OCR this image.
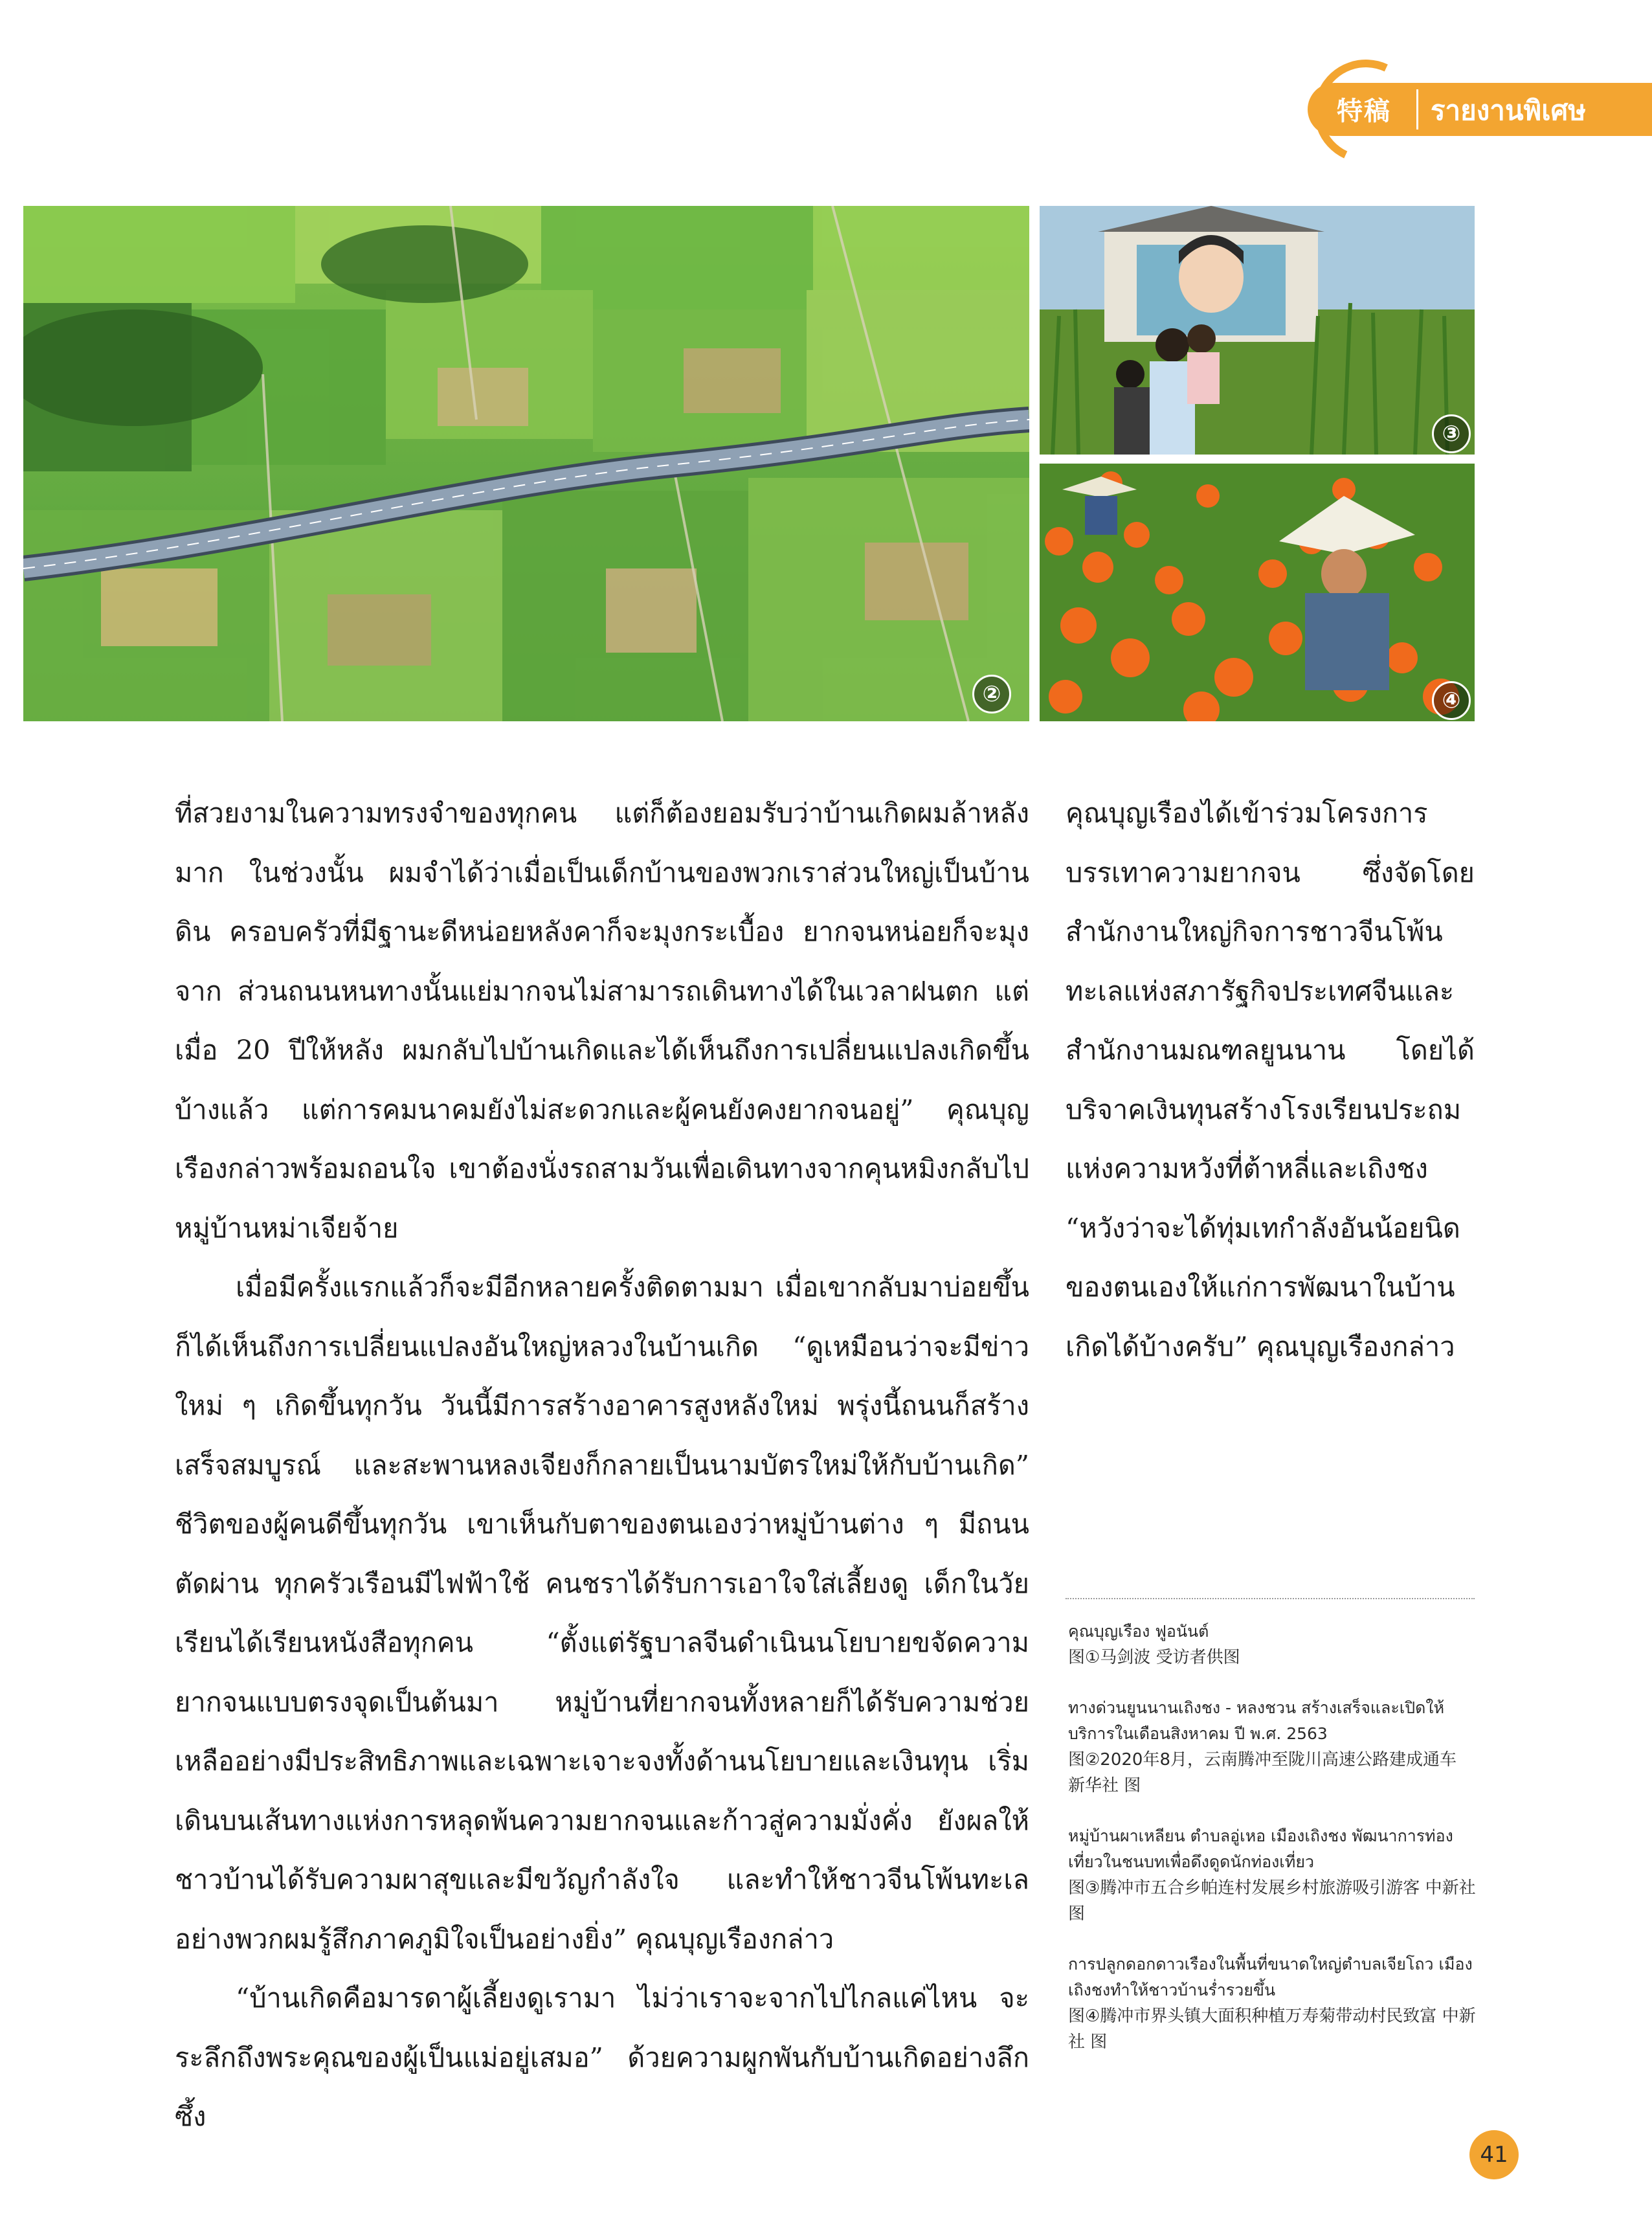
特稿 รายงานพิเศษ
②
③
④

ที่สวยงามในความทรงจำของทุกคน แต่ก็ต้องยอมรับว่าบ้านเกิดผมล้าหลังมาก ในช่วงนั้น ผมจำได้ว่าเมื่อเป็นเด็กบ้านของพวกเราส่วนใหญ่เป็นบ้านดิน ครอบครัวที่มีฐานะดีหน่อยหลังคาก็จะมุงกระเบื้อง ยากจนหน่อยก็จะมุงจาก ส่วนถนนหนทางนั้นแย่มากจนไม่สามารถเดินทางได้ในเวลาฝนตก แต่เมื่อ 20 ปีให้หลัง ผมกลับไปบ้านเกิดและได้เห็นถึงการเปลี่ยนแปลงเกิดขึ้นบ้างแล้ว แต่การคมนาคมยังไม่สะดวกและผู้คนยังคงยากจนอยู่” คุณบุญเรืองกล่าวพร้อมถอนใจ เขาต้องนั่งรถสามวันเพื่อเดินทางจากคุนหมิงกลับไปหมู่บ้านหม่าเจียจ้าย

เมื่อมีครั้งแรกแล้วก็จะมีอีกหลายครั้งติดตามมา เมื่อเขากลับมาบ่อยขึ้นก็ได้เห็นถึงการเปลี่ยนแปลงอันใหญ่หลวงในบ้านเกิด “ดูเหมือนว่าจะมีข่าวใหม่ ๆ เกิดขึ้นทุกวัน วันนี้มีการสร้างอาคารสูงหลังใหม่ พรุ่งนี้ถนนก็สร้างเสร็จสมบูรณ์ และสะพานหลงเจียงก็กลายเป็นนามบัตรใหม่ให้กับบ้านเกิด” ชีวิตของผู้คนดีขึ้นทุกวัน เขาเห็นกับตาของตนเองว่าหมู่บ้านต่าง ๆ มีถนนตัดผ่าน ทุกครัวเรือนมีไฟฟ้าใช้ คนชราได้รับการเอาใจใส่เลี้ยงดู เด็กในวัยเรียนได้เรียนหนังสือทุกคน “ตั้งแต่รัฐบาลจีนดำเนินนโยบายขจัดความยากจนแบบตรงจุดเป็นต้นมา หมู่บ้านที่ยากจนทั้งหลายก็ได้รับความช่วยเหลืออย่างมีประสิทธิภาพและเฉพาะเจาะจงทั้งด้านนโยบายและเงินทุน เริ่มเดินบนเส้นทางแห่งการหลุดพ้นความยากจนและก้าวสู่ความมั่งคั่ง ยังผลให้ชาวบ้านได้รับความผาสุขและมีขวัญกำลังใจ และทำให้ชาวจีนโพ้นทะเลอย่างพวกผมรู้สึกภาคภูมิใจเป็นอย่างยิ่ง” คุณบุญเรืองกล่าว

“บ้านเกิดคือมารดาผู้เลี้ยงดูเรามา ไม่ว่าเราจะจากไปไกลแค่ไหน จะระลึกถึงพระคุณของผู้เป็นแม่อยู่เสมอ” ด้วยความผูกพันกับบ้านเกิดอย่างลึกซึ้ง

คุณบุญเรืองได้เข้าร่วมโครงการบรรเทาความยากจน ซึ่งจัดโดยสำนักงานใหญ่กิจการชาวจีนโพ้นทะเลแห่งสภารัฐกิจประเทศจีนและสำนักงานมณฑลยูนนาน โดยได้บริจาคเงินทุนสร้างโรงเรียนประถมแห่งความหวังที่ต้าหลี่และเถิงชง “หวังว่าจะได้ทุ่มเทกำลังอันน้อยนิดของตนเองให้แก่การพัฒนาในบ้านเกิดได้บ้างครับ” คุณบุญเรืองกล่าว

คุณบุญเรือง ฟูอนันต์
图①马剑波 受访者供图
ทางด่วนยูนนานเถิงชง - หลงชวน สร้างเสร็จและเปิดให้บริการในเดือนสิงหาคม ปี พ.ศ. 2563
图②2020年8月，云南腾冲至陇川高速公路建成通车 新华社 图
หมู่บ้านผาเหลียน ตำบลอู่เหอ เมืองเถิงชง พัฒนาการท่องเที่ยวในชนบทเพื่อดึงดูดนักท่องเที่ยว
图③腾冲市五合乡帕连村发展乡村旅游吸引游客 中新社 图
การปลูกดอกดาวเรืองในพื้นที่ขนาดใหญ่ตำบลเจียโถว เมืองเถิงชงทำให้ชาวบ้านร่ำรวยขึ้น
图④腾冲市界头镇大面积种植万寿菊带动村民致富 中新社 图
41
